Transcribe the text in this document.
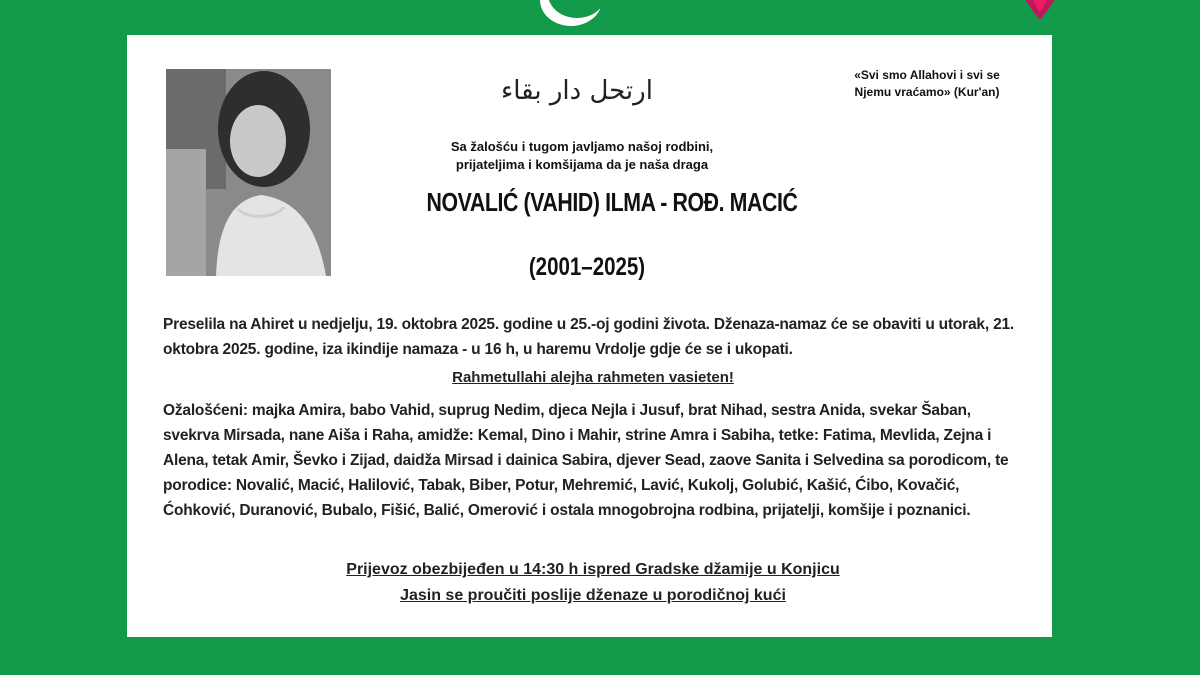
ارتحل دار بقاء
«Svi smo Allahovi i svi se
Njemu vraćamo» (Kur'an)
Sa žalošću i tugom javljamo našoj rodbini,
prijateljima i komšijama da je naša draga
NOVALIĆ (VAHID) ILMA - ROĐ. MACIĆ
(2001–2025)
Preselila na Ahiret u nedjelju, 19. oktobra 2025. godine u 25.-oj godini života. Dženaza-namaz će se obaviti u utorak, 21. oktobra 2025. godine, iza ikindije namaza - u 16 h, u haremu Vrdolje gdje će se i ukopati.
Rahmetullahi alejha rahmeten vasieten!
Ožalošćeni: majka Amira, babo Vahid, suprug Nedim, djeca Nejla i Jusuf, brat Nihad, sestra Anida, svekar Šaban, svekrva Mirsada, nane Aiša i Raha, amidže: Kemal, Dino i Mahir, strine Amra i Sabiha, tetke: Fatima, Mevlida, Zejna i Alena, tetak Amir, Ševko i Zijad, daidža Mirsad i dainica Sabira, djever Sead, zaove Sanita i Selvedina sa porodicom, te porodice: Novalić, Macić, Halilović, Tabak, Biber, Potur, Mehremić, Lavić, Kukolj, Golubić, Kašić, Ćibo, Kovačić, Ćohković, Duranović, Bubalo, Fišić, Balić, Omerović i ostala mnogobrojna rodbina, prijatelji, komšije i poznanici.
Prijevoz obezbijeđen u 14:30 h ispred Gradske džamije u Konjicu
Jasin se proučiti poslije dženaze u porodičnoj kući
